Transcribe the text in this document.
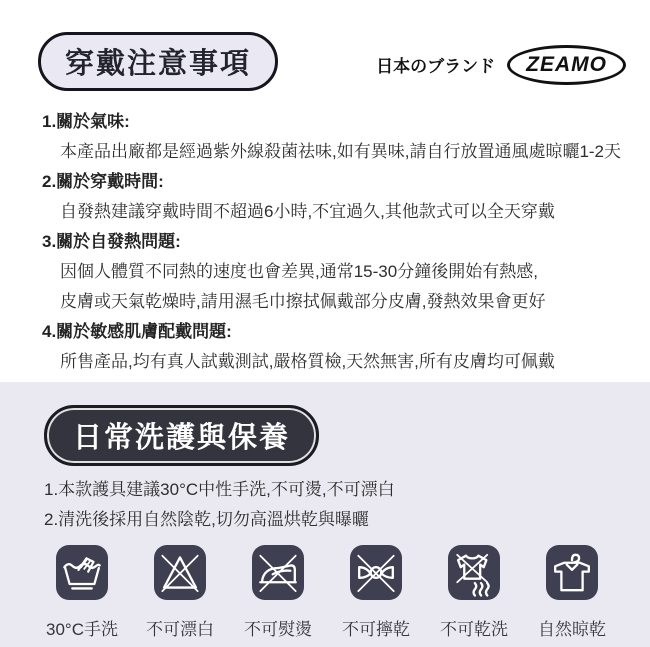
穿戴注意事項	日本のブランド	ZEAMO
1.關於氣味:
本產品出廠都是經過紫外線殺菌祛味,如有異味,請自行放置通風處晾曬1-2天
2.關於穿戴時間:
自發熱建議穿戴時間不超過6小時,不宜過久,其他款式可以全天穿戴
3.關於自發熱問題:
因個人體質不同熱的速度也會差異,通常15-30分鐘後開始有熱感,
皮膚或天氣乾燥時,請用濕毛巾擦拭佩戴部分皮膚,發熱效果會更好
4.關於敏感肌膚配戴問題:
所售產品,均有真人試戴測試,嚴格質檢,天然無害,所有皮膚均可佩戴
日常洗護與保養
1.本款護具建議30°C中性手洗,不可燙,不可漂白
2.清洗後採用自然陰乾,切勿高溫烘乾與曝曬
30°C手洗 不可漂白 不可熨燙 不可擰乾 不可乾洗 自然晾乾
